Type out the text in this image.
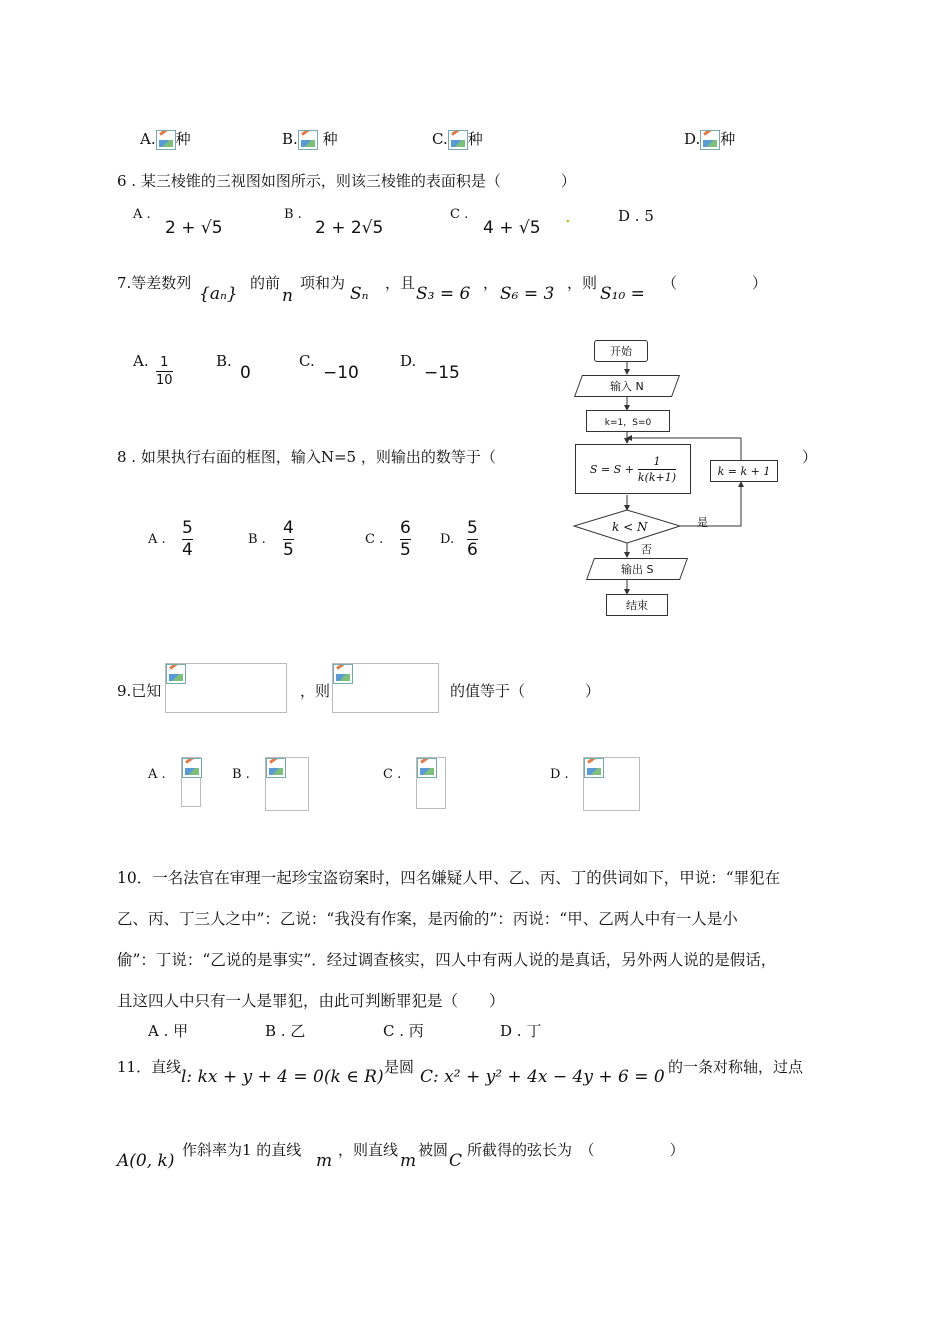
A. 种	B. 种	C. 种	D. 种
6 . 某三棱锥的三视图如图所示，则该三棱锥的表面积是（　　　　）
A .
2 + √5
B .
2 + 2√5
C .
4 + √5
.	D . 5
7.等差数列
{aₙ}
的前
n
项和为
Sₙ
，且
S₃ = 6
，
S₆ = 3
，则
S₁₀ =
（　　　　　）
A. $\frac{1}{10}$	B.
0
C.
−10
D.
−15
8 . 如果执行右面的框图，输入N=5 ，则输出的数等于（	）
A . $\frac{5}{4}$	B . $\frac{4}{5}$	C . $\frac{6}{5} D$. $\frac{5}{6}$
开始
输入 N
k=1，S=0
$S = S + \frac{1}{k(k+1)}$	k = k + 1
k < N	是
否
输出 S
结束
9.已知	，则	的值等于（　　　　）
A .	B .	C .	D .
10．一名法官在审理一起珍宝盗窃案时，四名嫌疑人甲、乙、丙、丁的供词如下，甲说：“罪犯在
乙、丙、丁三人之中”：乙说：“我没有作案，是丙偷的”：丙说：“甲、乙两人中有一人是小
偷”：丁说：“乙说的是事实”．经过调查核实，四人中有两人说的是真话，另外两人说的是假话，
且这四人中只有一人是罪犯，由此可判断罪犯是（　　）
A . 甲	B . 乙	C . 丙	D . 丁
11．直线 l: kx + y + 4 = 0(k ∈ R) 是圆 C: x² + y² + 4x − 4y + 6 = 0 的一条对称轴，过点
A(0, k)
作斜率为1 的直线
m
，则直线
m
被圆
C
所截得的弦长为　（　　　　　）
